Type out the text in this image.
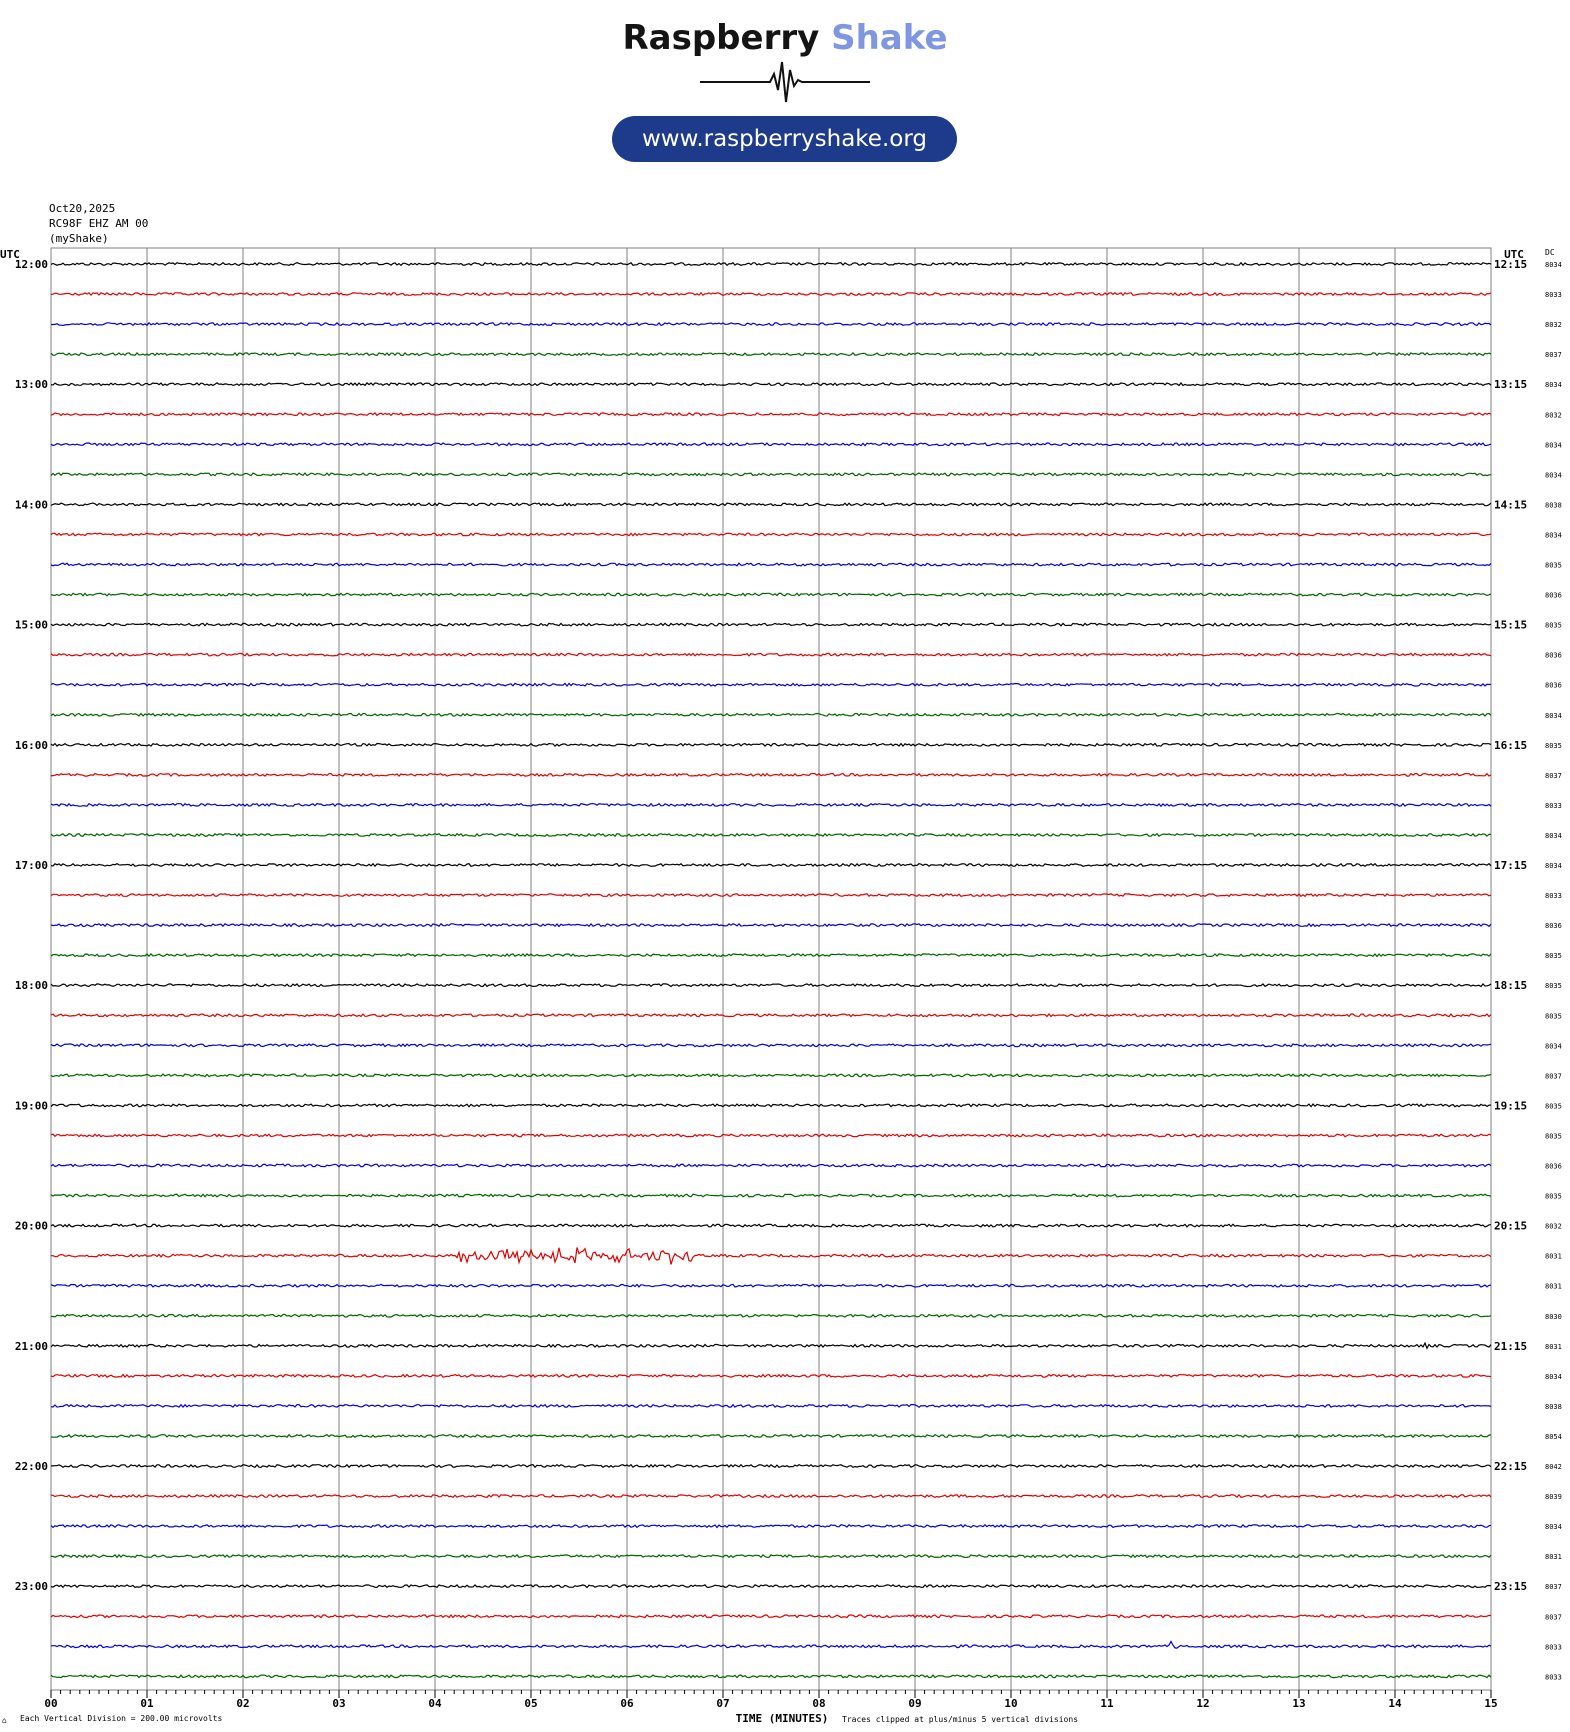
Raspberry Shake
www.raspberryshake.org
Oct20,2025
RC98F EHZ AM 00
(myShake)
00	01	02	03	04	05	06	07	08	09	10	11	12	13	14	15
TIME (MINUTES)
Each Vertical Division = 200.00 microvolts	Traces clipped at plus/minus 5 vertical divisions
UTC	UTC	DC
12:00	12:15	8034
8033
8032
8037
13:00	13:15	8034
8032
8034
8034
14:00	14:15	8038
8034
8035
8036
15:00	15:15	8035
8036
8036
8034
16:00	16:15	8035
8037
8033
8034
17:00	17:15	8034
8033
8036
8035
18:00	18:15	8035
8035
8034
8037
19:00	19:15	8035
8035
8036
8035
20:00	20:15	8032
8031
8031
8030
21:00	21:15	8031
8034
8038
8054
22:00	22:15	8042
8039
8034
8031
23:00	23:15	8037
8037
8033
8033
⌂
